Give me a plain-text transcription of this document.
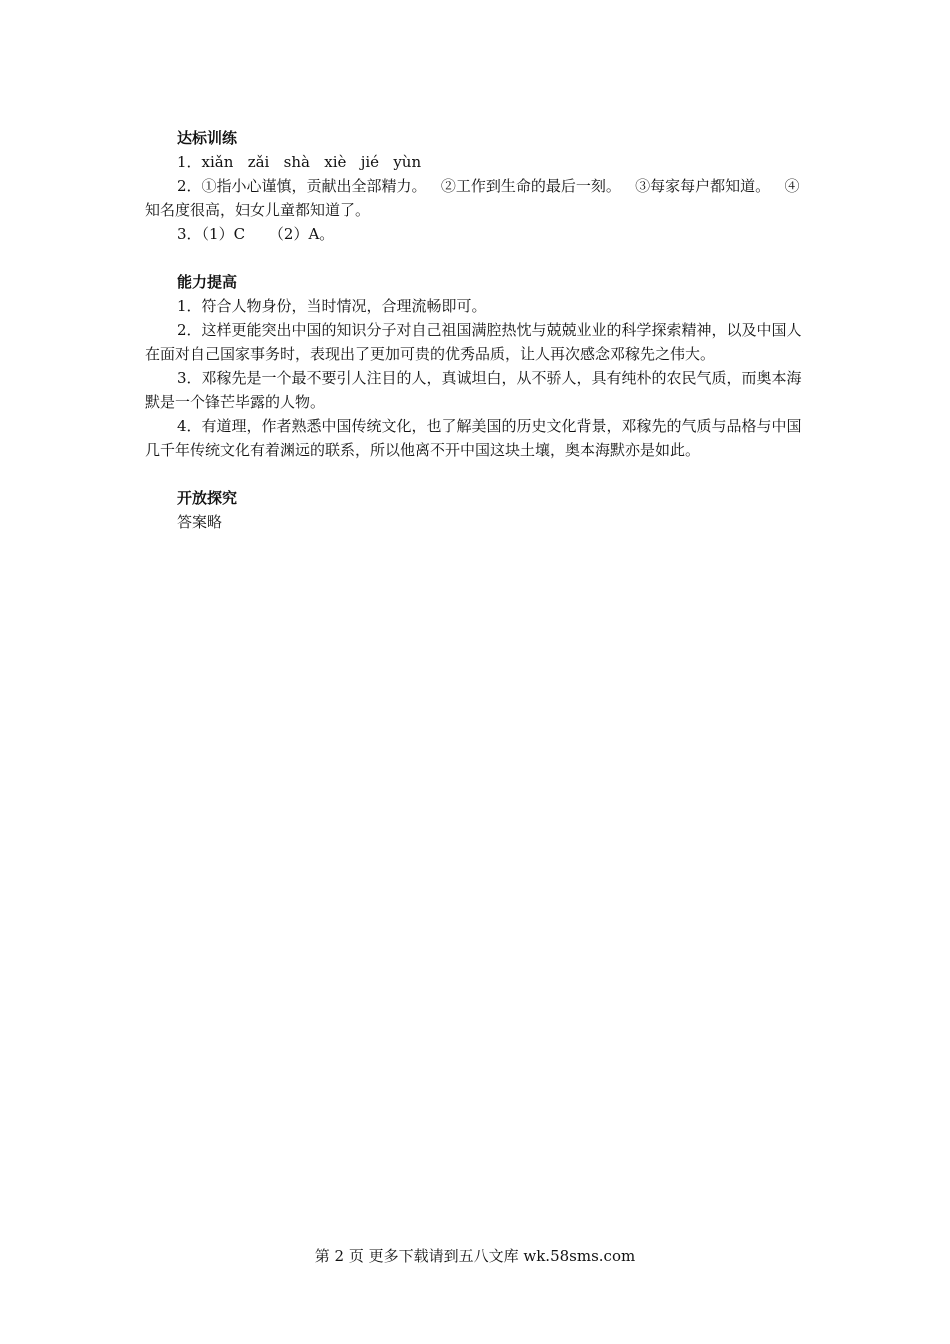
达标训练

1．xiǎn   zǎi   shà   xiè   jié   yùn

2．①指小心谨慎，贡献出全部精力。   ②工作到生命的最后一刻。   ③每家每户都知道。   ④知名度很高，妇女儿童都知道了。

3．（1）C     （2）A。

能力提高

1．符合人物身份，当时情况，合理流畅即可。

2．这样更能突出中国的知识分子对自己祖国满腔热忱与兢兢业业的科学探索精神，以及中国人在面对自己国家事务时，表现出了更加可贵的优秀品质，让人再次感念邓稼先之伟大。

3．邓稼先是一个最不要引人注目的人，真诚坦白，从不骄人，具有纯朴的农民气质，而奥本海默是一个锋芒毕露的人物。

4．有道理，作者熟悉中国传统文化，也了解美国的历史文化背景，邓稼先的气质与品格与中国几千年传统文化有着渊远的联系，所以他离不开中国这块土壤，奥本海默亦是如此。

开放探究

答案略

第 2 页 更多下载请到五八文库 wk.58sms.com
